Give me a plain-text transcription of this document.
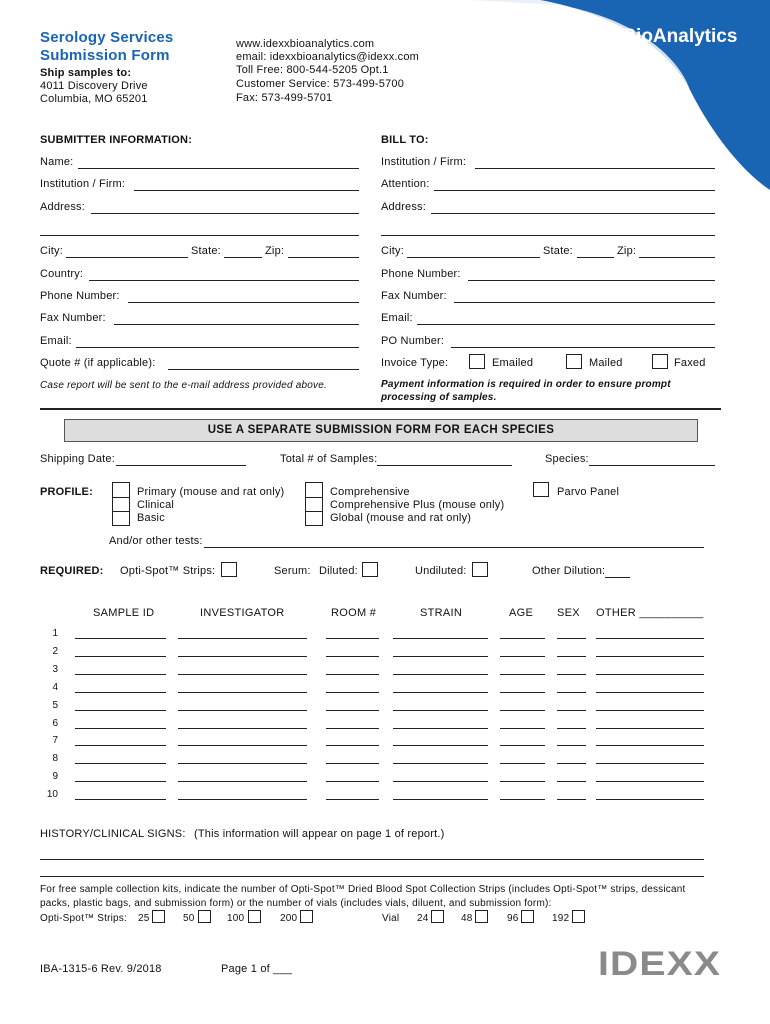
Serology Services
Submission Form
Ship samples to:
4011 Discovery Drive
Columbia, MO 65201
www.idexxbioanalytics.com
email: idexxbioanalytics@idexx.com
Toll Free: 800-544-5205 Opt.1
Customer Service: 573-499-5700
Fax: 573-499-5701
IDEXX BioAnalytics
SUBMITTER INFORMATION:	BILL TO:
Name:
Institution / Firm:
Address:
City:	State:	Zip:
Country:
Phone Number:
Fax Number:
Email:
Quote # (if applicable):
Case report will be sent to the e-mail address provided above.
Institution / Firm:
Attention:
Address:
City:	State:	Zip:
Phone Number:
Fax Number:
Email:
PO Number:
Invoice Type:	Emailed	Mailed	Faxed
Payment information is required in order to ensure prompt
processing of samples.
USE A SEPARATE SUBMISSION FORM FOR EACH SPECIES
Shipping Date:	Total # of Samples:	Species:
PROFILE:	Primary (mouse and rat only)
Clinical
Basic
Comprehensive
Comprehensive Plus (mouse only)
Global (mouse and rat only)
Parvo Panel
And/or other tests:
REQUIRED: Opti-Spot™ Strips:	Serum: Diluted:	Undiluted:	Other Dilution:
SAMPLE ID	INVESTIGATOR	ROOM #	STRAIN	AGE SEX OTHER __________
1
2
3
4
5
6
7
8
9
10
HISTORY/CLINICAL SIGNS: (This information will appear on page 1 of report.)
For free sample collection kits, indicate the number of Opti-Spot™ Dried Blood Spot Collection Strips (includes Opti-Spot™ strips, dessicant
packs, plastic bags, and submission form) or the number of vials (includes vials, diluent, and submission form):
Opti-Spot™ Strips: 25	50	100	200	Vial 24	48	96	192
IBA-1315-6 Rev. 9/2018	Page 1 of ___	IDEXX
